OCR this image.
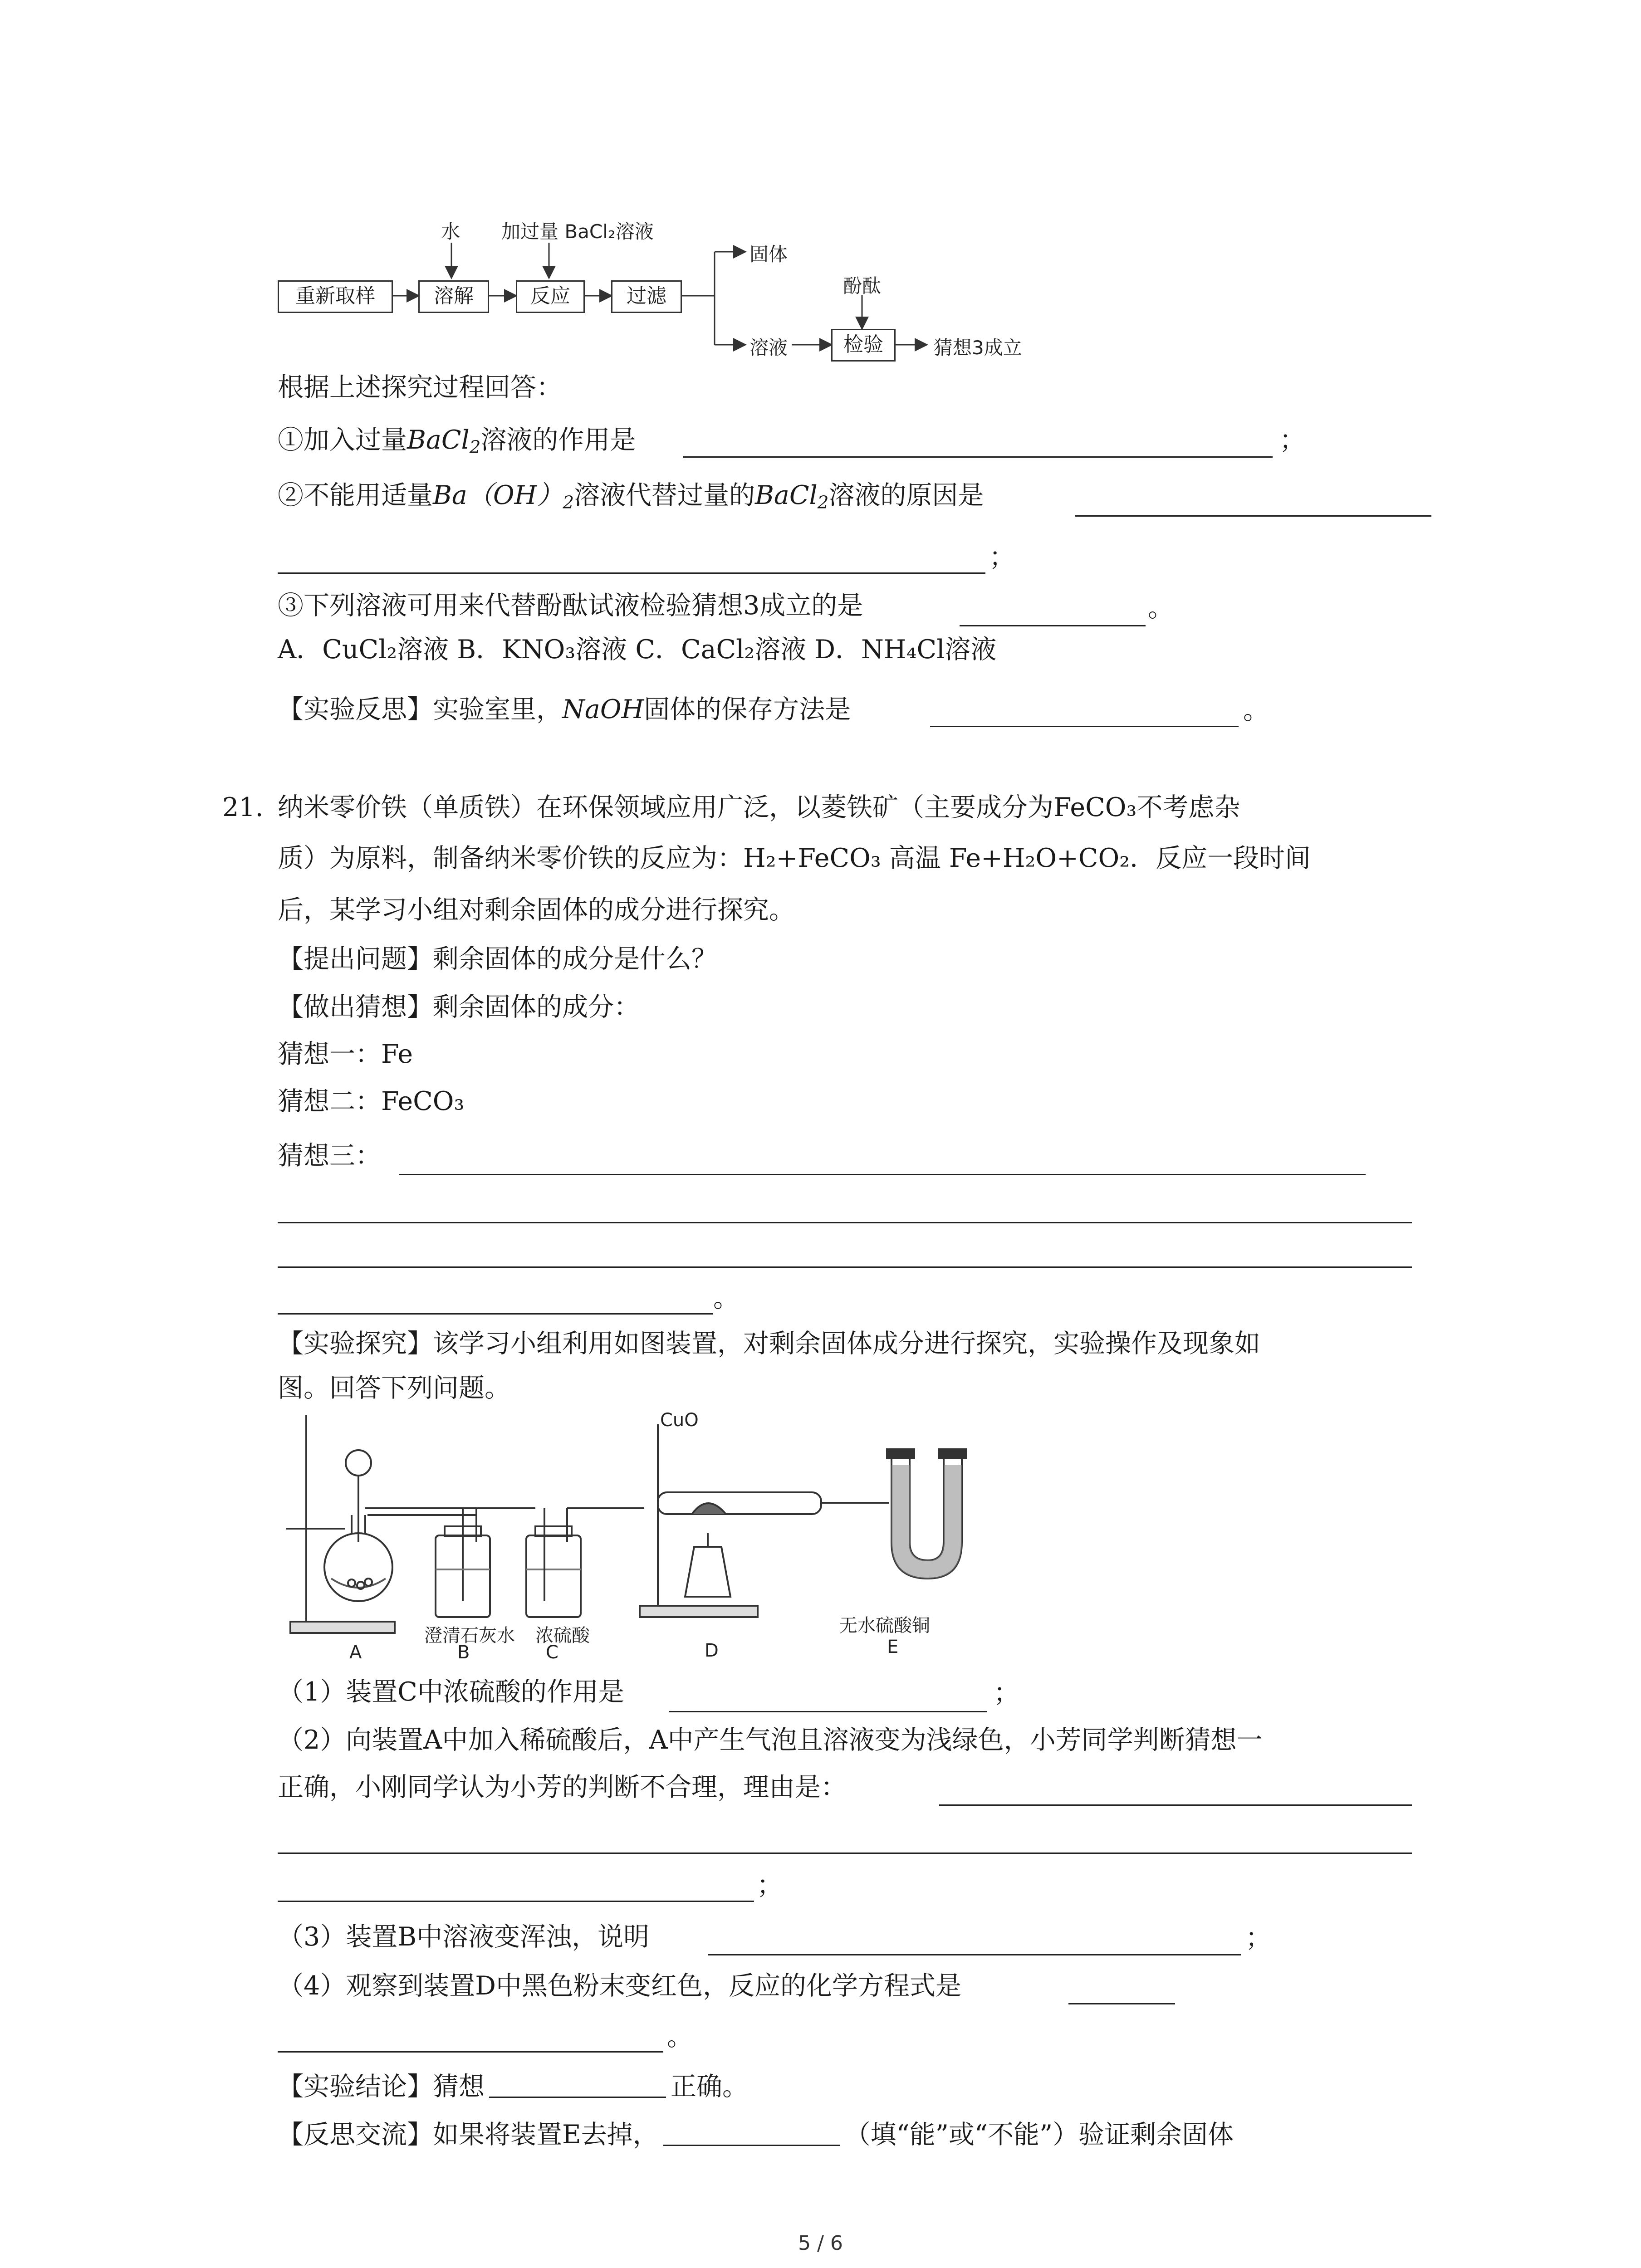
水 加过量 BaCl₂溶液
重新取样	溶解	反应	过滤
固体
酚酞
溶液	检验	猜想3成立
根据上述探究过程回答：
①加入过量BaCl$_2$溶液的作用是	；
②不能用适量$Ba(OH)_2$溶液代替过量的BaCl$_2$溶液的原因是
；
③下列溶液可用来代替酚酞试液检验猜想3成立的是	。
A．CuCl₂溶液 B．KNO₃溶液 C．CaCl₂溶液 D．NH₄Cl溶液
【实验反思】实验室里，NaOH固体的保存方法是	。
21. 纳米零价铁（单质铁）在环保领域应用广泛，以菱铁矿（主要成分为FeCO₃不考虑杂
质）为原料，制备纳米零价铁的反应为：H₂+FeCO₃ 高温 Fe+H₂O+CO₂．反应一段时间
后，某学习小组对剩余固体的成分进行探究。
【提出问题】剩余固体的成分是什么？
【做出猜想】剩余固体的成分：
猜想一：Fe
猜想二：FeCO₃
猜想三：
。
【实验探究】该学习小组利用如图装置，对剩余固体成分进行探究，实验操作及现象如
图。回答下列问题。
CuO
A	B	C	D	E
澄清石灰水 浓硫酸	无水硫酸铜
（1）装置C中浓硫酸的作用是	；
（2）向装置A中加入稀硫酸后，A中产生气泡且溶液变为浅绿色，小芳同学判断猜想一
正确，小刚同学认为小芳的判断不合理，理由是：
；
（3）装置B中溶液变浑浊，说明	；
（4）观察到装置D中黑色粉末变红色，反应的化学方程式是
。
【实验结论】猜想	正确。
【反思交流】如果将装置E去掉，	（填“能”或“不能”）验证剩余固体
5 / 6
